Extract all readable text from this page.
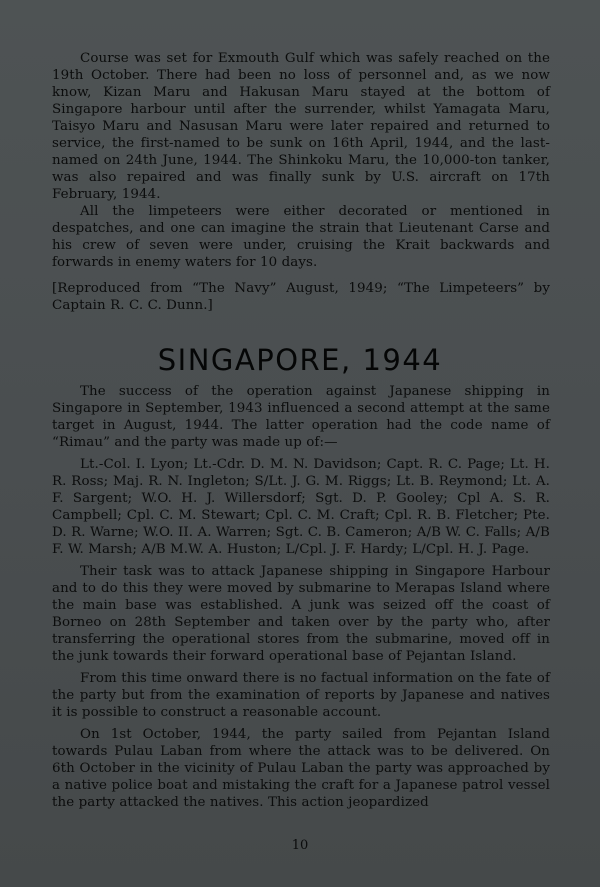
Course was set for Exmouth Gulf which was safely reached on the 19th October. There had been no loss of personnel and, as we now know, Kizan Maru and Hakusan Maru stayed at the bottom of Singapore harbour until after the surrender, whilst Yamagata Maru, Taisyo Maru and Nasusan Maru were later repaired and returned to service, the first-named to be sunk on 16th April, 1944, and the last-named on 24th June, 1944. The Shinkoku Maru, the 10,000-ton tanker, was also repaired and was finally sunk by U.S. aircraft on 17th February, 1944.

All the limpeteers were either decorated or mentioned in despatches, and one can imagine the strain that Lieutenant Carse and his crew of seven were under, cruising the Krait backwards and forwards in enemy waters for 10 days.

[Reproduced from “The Navy” August, 1949; “The Limpeteers” by Captain R. C. C. Dunn.]

SINGAPORE, 1944

The success of the operation against Japanese shipping in Singapore in September, 1943 influenced a second attempt at the same target in August, 1944. The latter operation had the code name of “Rimau” and the party was made up of:—

Lt.-Col. I. Lyon; Lt.-Cdr. D. M. N. Davidson; Capt. R. C. Page; Lt. H. R. Ross; Maj. R. N. Ingleton; S/Lt. J. G. M. Riggs; Lt. B. Reymond; Lt. A. F. Sargent; W.O. H. J. Willersdorf; Sgt. D. P. Gooley; Cpl A. S. R. Campbell; Cpl. C. M. Stewart; Cpl. C. M. Craft; Cpl. R. B. Fletcher; Pte. D. R. Warne; W.O. II. A. Warren; Sgt. C. B. Cameron; A/B W. C. Falls; A/B F. W. Marsh; A/B M.W. A. Huston; L/Cpl. J. F. Hardy; L/Cpl. H. J. Page.

Their task was to attack Japanese shipping in Singapore Harbour and to do this they were moved by submarine to Merapas Island where the main base was established. A junk was seized off the coast of Borneo on 28th September and taken over by the party who, after transferring the operational stores from the submarine, moved off in the junk towards their forward operational base of Pejantan Island.

From this time onward there is no factual information on the fate of the party but from the examination of reports by Japanese and natives it is possible to construct a reasonable account.

On 1st October, 1944, the party sailed from Pejantan Island towards Pulau Laban from where the attack was to be delivered. On 6th October in the vicinity of Pulau Laban the party was approached by a native police boat and mistaking the craft for a Japanese patrol vessel the party attacked the natives. This action jeopardized

10
